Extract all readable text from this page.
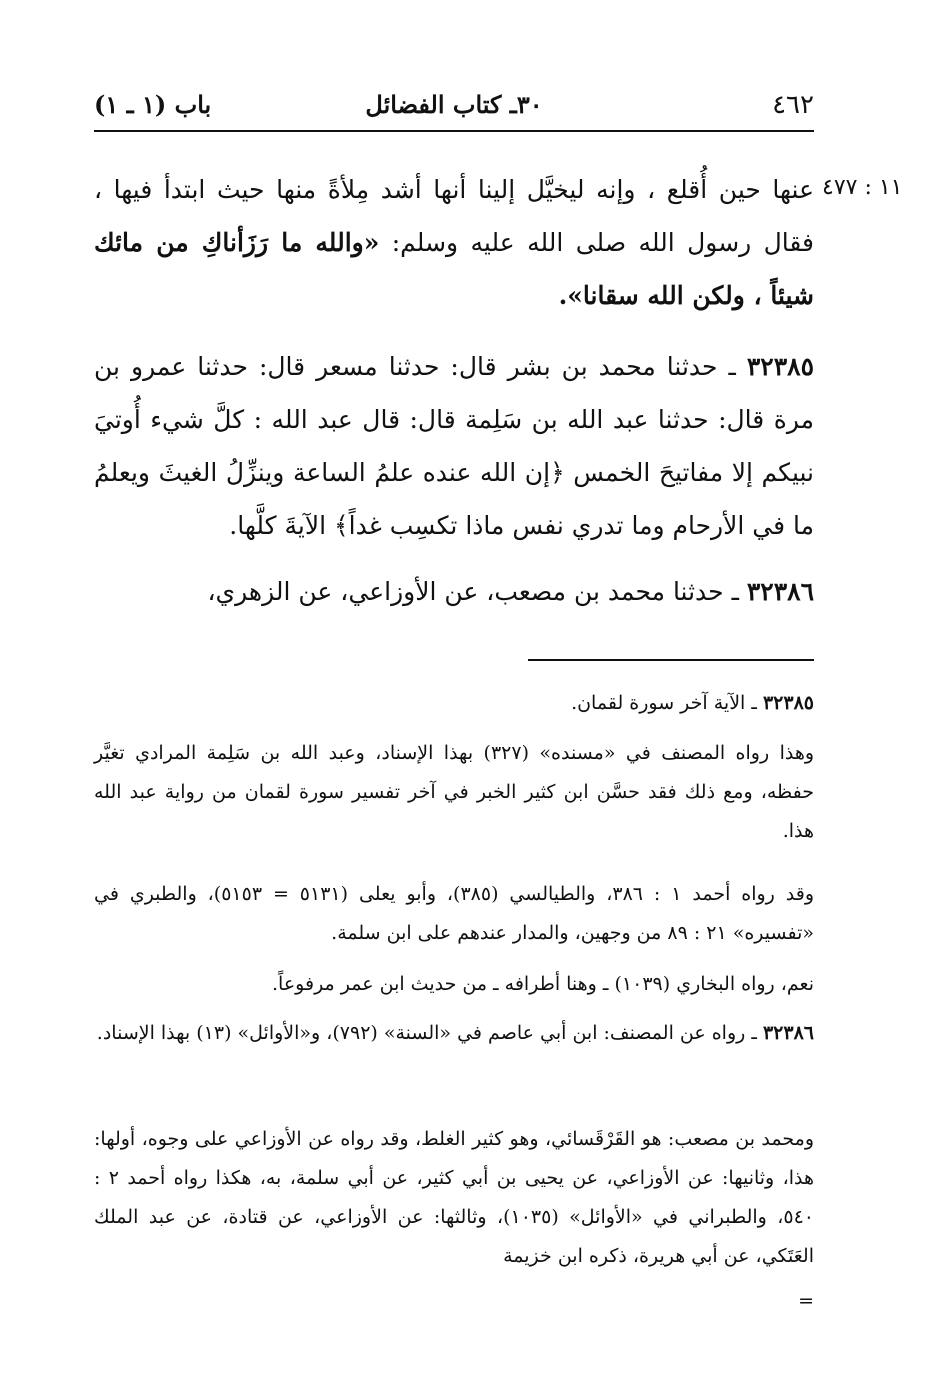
٤٦٢
٣٠ـ كتاب الفضائل
باب (١ ـ ١)
١١ : ٤٧٧
عنها حين أُقلع ، وإنه ليخيَّل إلينا أنها أشد مِلأةً منها حيث ابتدأ فيها ، فقال رسول الله صلى الله عليه وسلم: «والله ما رَزَأناكِ من مائك شيئاً ، ولكن الله سقانا».
٣٢٣٨٥ ـ حدثنا محمد بن بشر قال: حدثنا مسعر قال: حدثنا عمرو بن مرة قال: حدثنا عبد الله بن سَلِمة قال: قال عبد الله : كلَّ شيء أُوتيَ نبيكم إلا مفاتيحَ الخمس ﴿إن الله عنده علمُ الساعة وينزِّلُ الغيثَ ويعلمُ ما في الأرحام وما تدري نفس ماذا تكسِب غداً﴾ الآيةَ كلَّها.
٣٢٣٨٦ ـ حدثنا محمد بن مصعب، عن الأوزاعي، عن الزهري،
٣٢٣٨٥ ـ الآية آخر سورة لقمان.
وهذا رواه المصنف في «مسنده» (٣٢٧) بهذا الإسناد، وعبد الله بن سَلِمة المرادي تغيَّر حفظه، ومع ذلك فقد حسَّن ابن كثير الخبر في آخر تفسير سورة لقمان من رواية عبد الله هذا.
وقد رواه أحمد ١ : ٣٨٦، والطيالسي (٣٨٥)، وأبو يعلى (٥١٣١ = ٥١٥٣)، والطبري في «تفسيره» ٢١ : ٨٩ من وجهين، والمدار عندهم على ابن سلمة.
نعم، رواه البخاري (١٠٣٩) ـ وهنا أطرافه ـ من حديث ابن عمر مرفوعاً.
٣٢٣٨٦ ـ رواه عن المصنف: ابن أبي عاصم في «السنة» (٧٩٢)، و«الأوائل» (١٣) بهذا الإسناد.
ومحمد بن مصعب: هو القَرْقَسائي، وهو كثير الغلط، وقد رواه عن الأوزاعي على وجوه، أولها: هذا، وثانيها: عن الأوزاعي، عن يحيى بن أبي كثير، عن أبي سلمة، به، هكذا رواه أحمد ٢ : ٥٤٠، والطبراني في «الأوائل» (١٠٣٥)، وثالثها: عن الأوزاعي، عن قتادة، عن عبد الملك العَتَكي، عن أبي هريرة، ذكره ابن خزيمة
=
